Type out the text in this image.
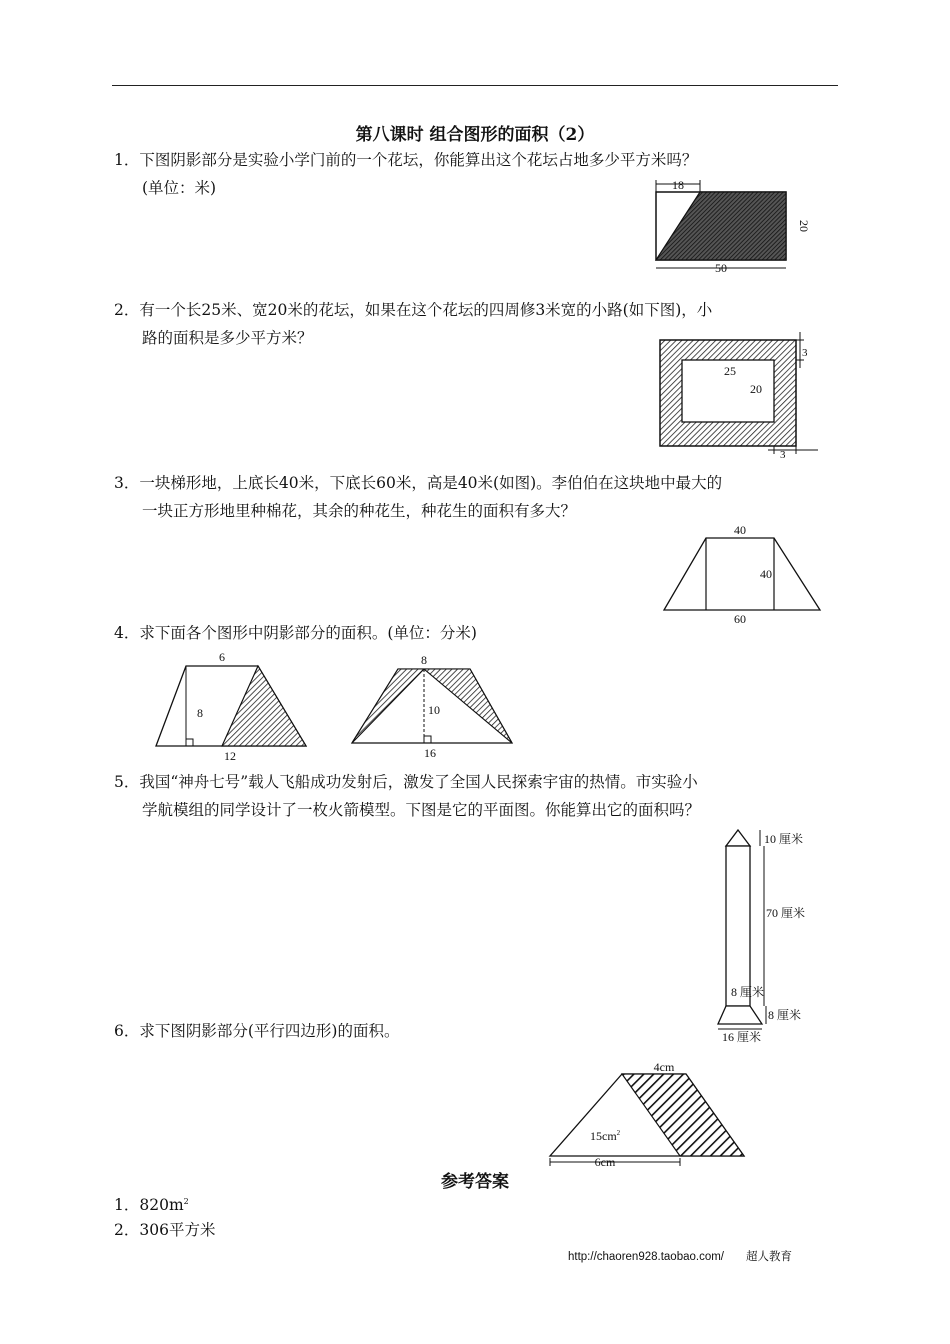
第八课时 组合图形的面积（2）
1．下图阴影部分是实验小学门前的一个花坛，你能算出这个花坛占地多少平方米吗？
(单位：米)
2．有一个长25米、宽20米的花坛，如果在这个花坛的四周修3米宽的小路(如下图)，小
路的面积是多少平方米？
3．一块梯形地，上底长40米，下底长60米，高是40米(如图)。李伯伯在这块地中最大的
一块正方形地里种棉花，其余的种花生，种花生的面积有多大？
4．求下面各个图形中阴影部分的面积。(单位：分米)
5．我国“神舟七号”载人飞船成功发射后，激发了全国人民探索宇宙的热情。市实验小
学航模组的同学设计了一枚火箭模型。下图是它的平面图。你能算出它的面积吗？
6．求下图阴影部分(平行四边形)的面积。
18
20
50
25
20
3
3
40
40
60
6
8
12
8
10
16
10 厘米
70 厘米
8 厘米
8 厘米
16 厘米
4cm
$15cm^2$
6cm
参考答案
1．$820m^2$
2．306平方米
http://chaoren928.taobao.com/ 超人教育
